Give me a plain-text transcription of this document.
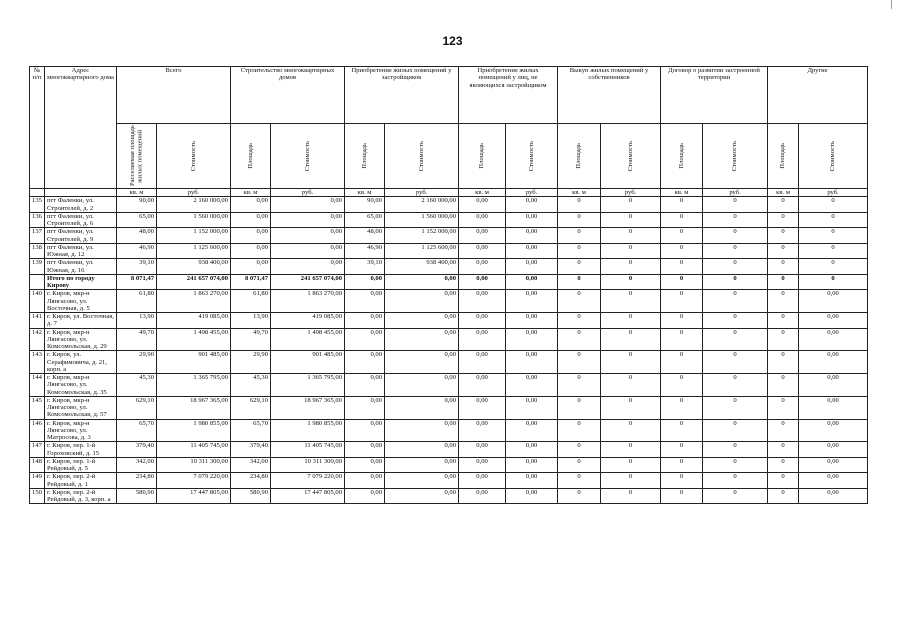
123
№ п/п	Адрес многоквартирного дома	Всего		Строительство многоквартирных домов		Приобретение жилых помещений у застройщиков		Приобретение жилых помещений у лиц, не являющихся застройщиком		Выкуп жилых помещений у собственников		Договор о развитии застроенной территории		Другие	

		Расселяемая площадь жилых помещений	Стоимость	Площадь	Стоимость	Площадь	Стоимость	Площадь	Стоимость	Площадь	Стоимость	Площадь	Стоимость	Площадь	Стоимость

		кв. м	руб.	кв. м	руб.	кв. м	руб.	кв. м	руб.	кв. м	руб.	кв. м	руб.	кв. м	руб.
135	пгт Фаленки, ул. Строителей, д. 2	90,00	2 160 000,00	0,00	0,00	90,00	2 160 000,00	0,00	0,00	0	0	0	0	0	0
136	пгт Фаленки, ул. Строителей, д. 6	65,00	1 560 000,00	0,00	0,00	65,00	1 560 000,00	0,00	0,00	0	0	0	0	0	0
137	пгт Фаленки, ул. Строителей, д. 9	48,00	1 152 000,00	0,00	0,00	48,00	1 152 000,00	0,00	0,00	0	0	0	0	0	0
138	пгт Фаленки, ул. Южная, д. 12	46,90	1 125 600,00	0,00	0,00	46,90	1 125 600,00	0,00	0,00	0	0	0	0	0	0
139	пгт Фаленки, ул. Южная, д. 16	39,10	938 400,00	0,00	0,00	39,10	938 400,00	0,00	0,00	0	0	0	0	0	0
	Итого по городу Кирову	8 071,47	241 657 074,00	8 071,47	241 657 074,00	0,00	0,00	0,00	0,00	0	0	0	0	0	0
140	г. Киров, мкр-н Лянгасово, ул. Восточная, д. 5	61,80	1 863 270,00	61,80	1 863 270,00	0,00	0,00	0,00	0,00	0	0	0	0	0	0,00
141	г. Киров, ул. Восточная, д. 7	13,90	419 085,00	13,90	419 085,00	0,00	0,00	0,00	0,00	0	0	0	0	0	0,00
142	г. Киров, мкр-н Лянгасово, ул. Комсомольская, д. 29	49,70	1 498 455,00	49,70	1 498 455,00	0,00	0,00	0,00	0,00	0	0	0	0	0	0,00
143	г. Киров, ул. Серафимовича, д. 21, корп. а	29,90	901 485,00	29,90	901 485,00	0,00	0,00	0,00	0,00	0	0	0	0	0	0,00
144	г. Киров, мкр-н Лянгасово, ул. Комсомольская, д. 35	45,30	1 365 795,00	45,30	1 365 795,00	0,00	0,00	0,00	0,00	0	0	0	0	0	0,00
145	г. Киров, мкр-н Лянгасово, ул. Комсомольская, д. 57	629,10	18 967 365,00	629,10	18 967 365,00	0,00	0,00	0,00	0,00	0	0	0	0	0	0,00
146	г. Киров, мкр-н Лянгасово, ул. Матросова, д. 3	65,70	1 980 855,00	65,70	1 980 855,00	0,00	0,00	0,00	0,00	0	0	0	0	0	0,00
147	г. Киров, пер. 1-й Гороховский, д. 15	379,40	11 405 745,00	379,40	11 405 745,00	0,00	0,00	0,00	0,00	0	0	0	0	0	0,00
148	г. Киров, пер. 1-й Рейдовый, д. 5	342,00	10 311 300,00	342,00	10 311 300,00	0,00	0,00	0,00	0,00	0	0	0	0	0	0,00
149	г. Киров, пер. 2-й Рейдовый, д. 1	234,80	7 079 220,00	234,80	7 079 220,00	0,00	0,00	0,00	0,00	0	0	0	0	0	0,00
150	г. Киров, пер. 2-й Рейдовый, д. 3, корп. а	580,90	17 447 805,00	580,90	17 447 805,00	0,00	0,00	0,00	0,00	0	0	0	0	0	0,00
